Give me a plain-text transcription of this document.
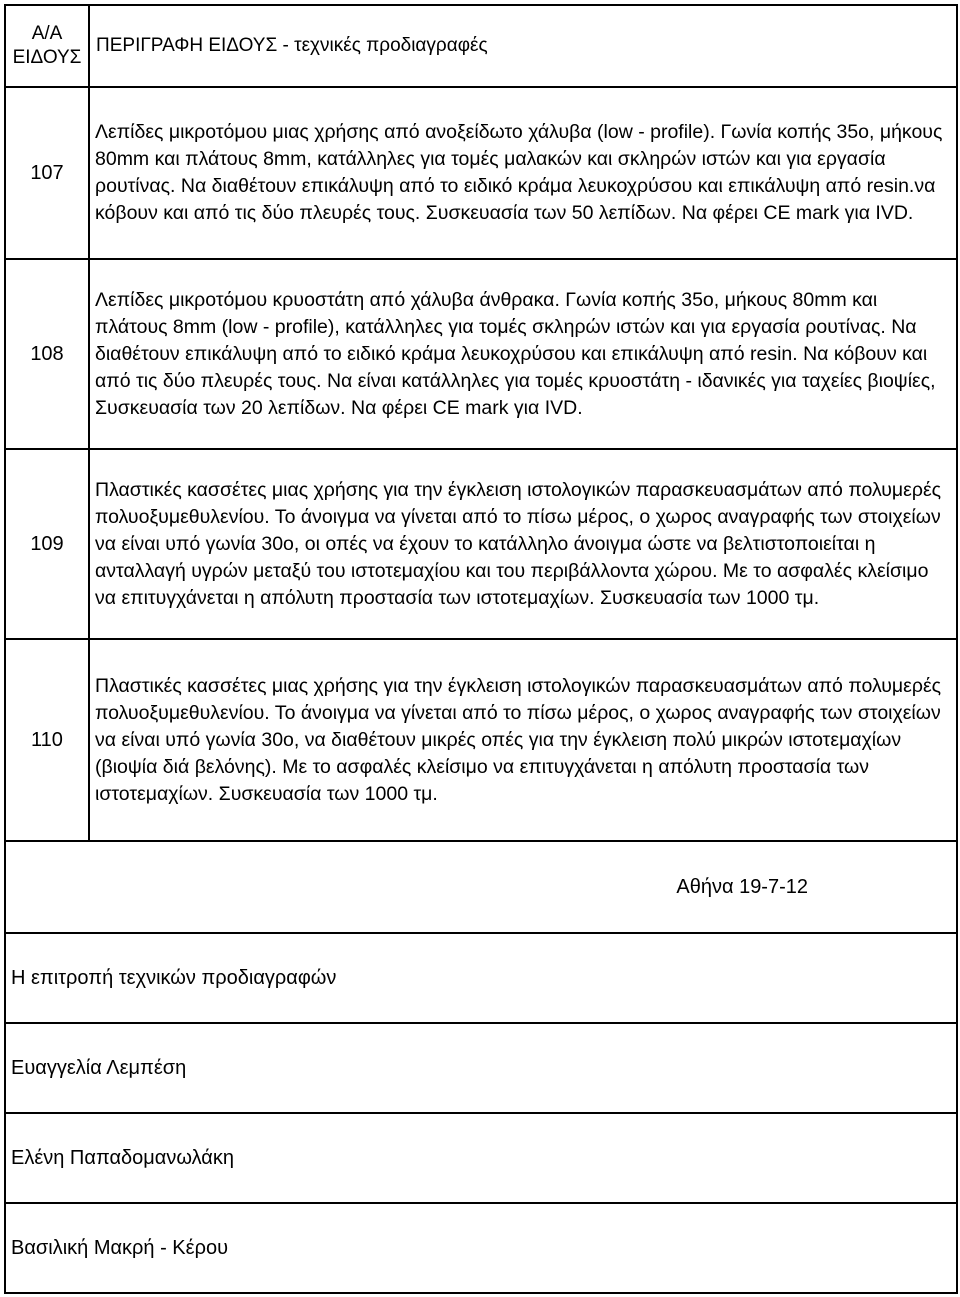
Α/Α ΕΙΔΟΥΣ	ΠΕΡΙΓΡΑΦΗ ΕΙΔΟΥΣ - τεχνικές προδιαγραφές
107	Λεπίδες μικροτόμου μιας χρήσης από ανοξείδωτο χάλυβα (low - profile). Γωνία κοπής 35ο, μήκους 80mm και πλάτους 8mm, κατάλληλες για τομές μαλακών και σκληρών ιστών και για εργασία ρουτίνας. Να διαθέτουν επικάλυψη από το ειδικό κράμα λευκοχρύσου και επικάλυψη από resin.να κόβουν και από τις δύο πλευρές τους. Συσκευασία των 50 λεπίδων. Να φέρει CE mark για IVD.
108	Λεπίδες μικροτόμου κρυοστάτη από χάλυβα άνθρακα. Γωνία κοπής 35ο, μήκους 80mm και πλάτους 8mm (low - profile), κατάλληλες για τομές σκληρών ιστών και για εργασία ρουτίνας. Να διαθέτουν επικάλυψη από το ειδικό κράμα λευκοχρύσου και επικάλυψη από resin. Να κόβουν και από τις δύο πλευρές τους. Να είναι κατάλληλες για τομές κρυοστάτη - ιδανικές για ταχείες βιοψίες, Συσκευασία των 20 λεπίδων. Να φέρει CE mark για IVD.
109	Πλαστικές κασσέτες μιας χρήσης για την έγκλειση ιστολογικών παρασκευασμάτων από πολυμερές πολυοξυμεθυλενίου. Το άνοιγμα να γίνεται από το πίσω μέρος, ο χωρος αναγραφής των στοιχείων να είναι υπό γωνία 30ο, οι οπές να έχουν το κατάλληλο άνοιγμα ώστε να βελτιστοποιείται η ανταλλαγή υγρών μεταξύ του ιστοτεμαχίου και του περιβάλλοντα χώρου. Με το ασφαλές κλείσιμο να επιτυγχάνεται η απόλυτη προστασία των ιστοτεμαχίων. Συσκευασία των 1000 τμ.
110	Πλαστικές κασσέτες μιας χρήσης για την έγκλειση ιστολογικών παρασκευασμάτων από πολυμερές πολυοξυμεθυλενίου. Το άνοιγμα να γίνεται από το πίσω μέρος, ο χωρος αναγραφής των στοιχείων να είναι υπό γωνία 30ο, να διαθέτουν μικρές οπές για την έγκλειση πολύ μικρών ιστοτεμαχίων (βιοψία διά βελόνης). Με το ασφαλές κλείσιμο να επιτυγχάνεται η απόλυτη προστασία των ιστοτεμαχίων. Συσκευασία των 1000 τμ.
Αθήνα 19-7-12	
Η επιτροπή τεχνικών προδιαγραφών	
Ευαγγελία Λεμπέση	
Ελένη Παπαδομανωλάκη	
Βασιλική Μακρή - Κέρου	
